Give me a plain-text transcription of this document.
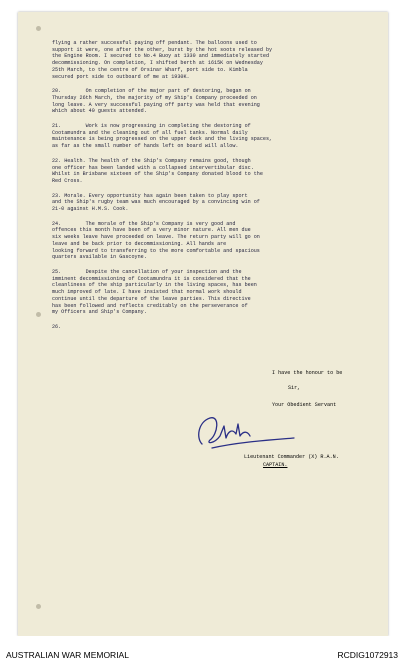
flying a rather successful paying off pendant. The balloons used to
support it were, one after the other, burst by the hot soots released by
the Engine Room. I secured to No.4 Buoy at 1330 and immediately started
decommissioning. On completion, I shifted berth at 1615K on Wednesday
25th March, to the centre of Orsinar Wharf, port side to. Kimbla
secured port side to outboard of me at 1930K.

20.        On completion of the major part of destoring, began on
Thursday 26th March, the majority of my Ship's Company proceeded on
long leave. A very successful paying off party was held that evening
which about 40 guests attended.

21.        Work is now progressing in completing the destoring of
Cootamundra and the cleaning out of all fuel tanks. Normal daily
maintenance is being progressed on the upper deck and the living spaces,
as far as the small number of hands left on board will allow.

22. Health. The health of the Ship's Company remains good, though
one officer has been landed with a collapsed intervertibular disc.
Whilst in Brisbane sixteen of the Ship's Company donated blood to the
Red Cross.

23. Morale. Every opportunity has again been taken to play sport
and the Ship's rugby team was much encouraged by a convincing win of
21-0 against H.M.S. Cook.

24.        The morale of the Ship's Company is very good and
offences this month have been of a very minor nature. All men due
six weeks leave have proceeded on leave. The return party will go on
leave and be back prior to decommissioning. All hands are
looking forward to transferring to the more comfortable and spacious
quarters available in Gascoyne.

25.        Despite the cancellation of your inspection and the
imminent decommissioning of Cootamundra it is considered that the
cleanliness of the ship particularly in the living spaces, has been
much improved of late. I have insisted that normal work should
continue until the departure of the leave parties. This directive
has been followed and reflects creditably on the perseverance of
my Officers and Ship's Company.

26.

I have the honour to be
Sir,
Your Obedient Servant
Lieutenant Commander (X) R.A.N.
CAPTAIN.
AUSTRALIAN WAR MEMORIAL	RCDIG1072913
